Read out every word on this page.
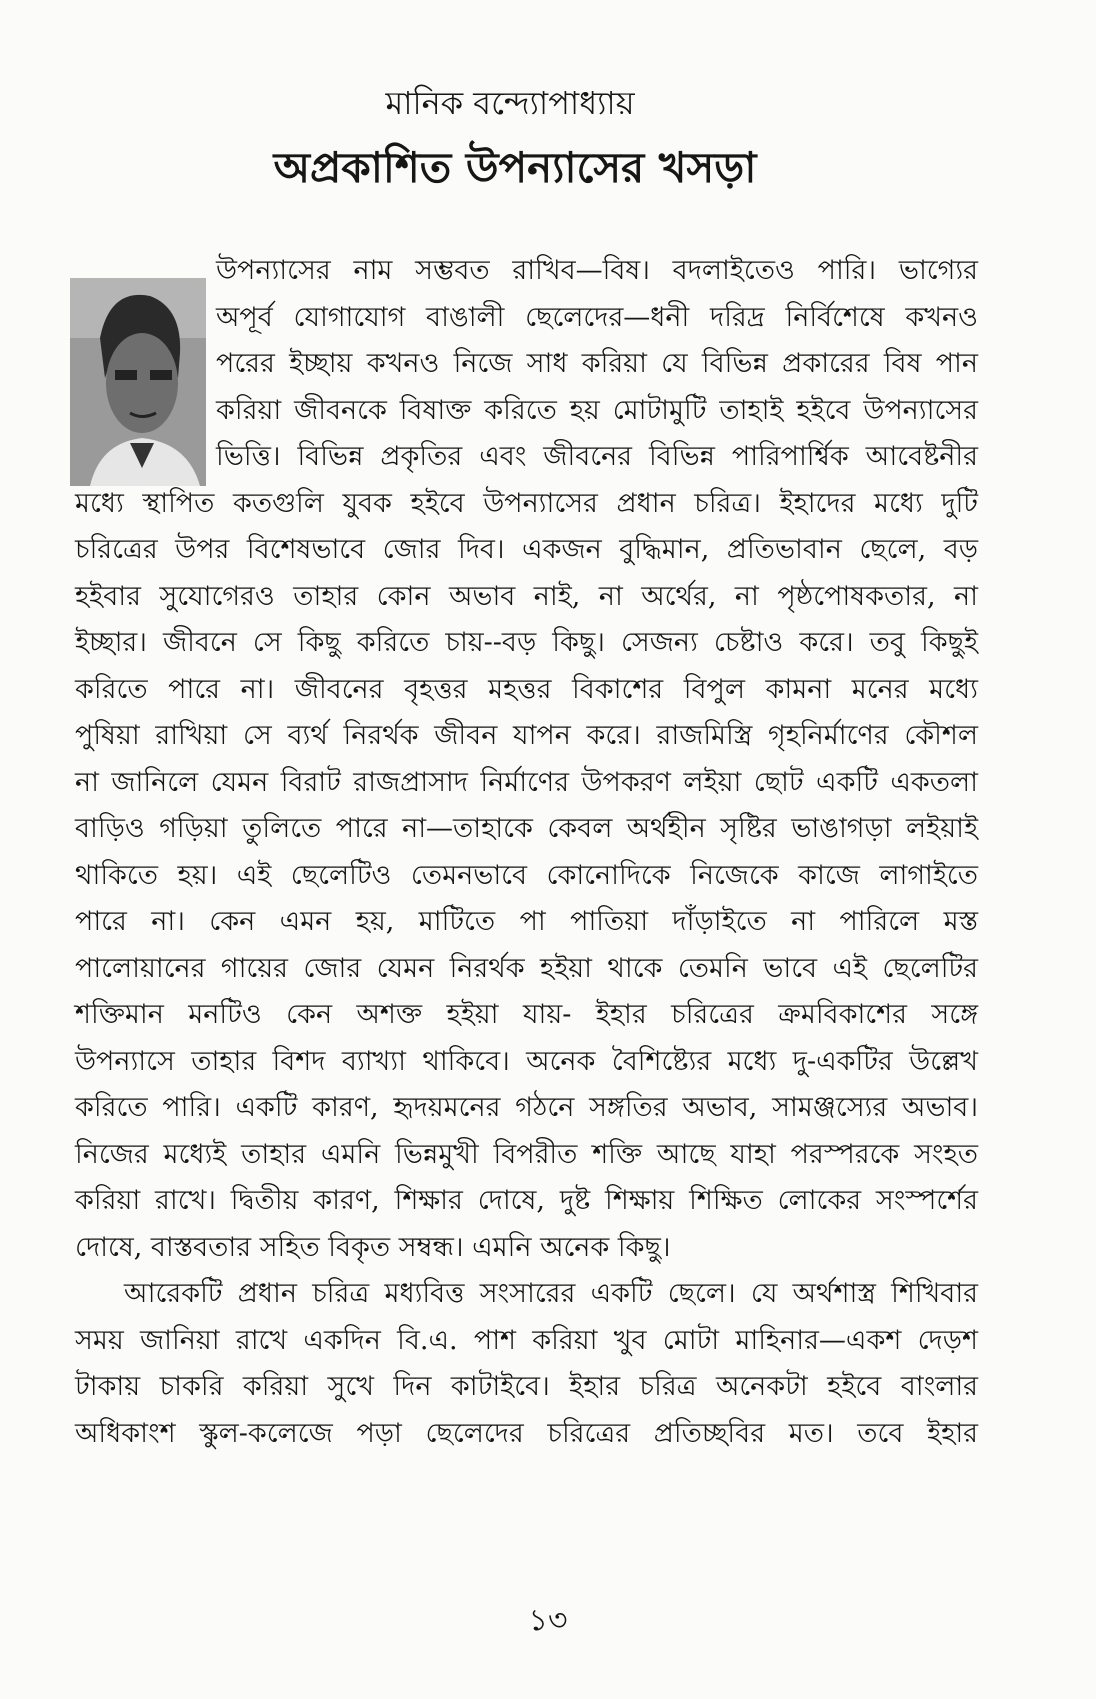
মানিক বন্দ্যোপাধ্যায়
অপ্রকাশিত উপন্যাসের খসড়া
উপন্যাসের নাম সম্ভবত রাখিব—বিষ। বদলাইতেও পারি। ভাগ্যের
অপূর্ব যোগাযোগ বাঙালী ছেলেদের—ধনী দরিদ্র নির্বিশেষে কখনও
পরের ইচ্ছায় কখনও নিজে সাধ করিয়া যে বিভিন্ন প্রকারের বিষ পান
করিয়া জীবনকে বিষাক্ত করিতে হয় মোটামুটি তাহাই হইবে উপন্যাসের
ভিত্তি। বিভিন্ন প্রকৃতির এবং জীবনের বিভিন্ন পারিপার্শ্বিক আবেষ্টনীর
মধ্যে স্থাপিত কতগুলি যুবক হইবে উপন্যাসের প্রধান চরিত্র। ইহাদের মধ্যে দুটি
চরিত্রের উপর বিশেষভাবে জোর দিব। একজন বুদ্ধিমান, প্রতিভাবান ছেলে, বড়
হইবার সুযোগেরও তাহার কোন অভাব নাই, না অর্থের, না পৃষ্ঠপোষকতার, না
ইচ্ছার। জীবনে সে কিছু করিতে চায়--বড় কিছু। সেজন্য চেষ্টাও করে। তবু কিছুই
করিতে পারে না। জীবনের বৃহত্তর মহত্তর বিকাশের বিপুল কামনা মনের মধ্যে
পুষিয়া রাখিয়া সে ব্যর্থ নিরর্থক জীবন যাপন করে। রাজমিস্ত্রি গৃহনির্মাণের কৌশল
না জানিলে যেমন বিরাট রাজপ্রাসাদ নির্মাণের উপকরণ লইয়া ছোট একটি একতলা
বাড়িও গড়িয়া তুলিতে পারে না—তাহাকে কেবল অর্থহীন সৃষ্টির ভাঙাগড়া লইয়াই
থাকিতে হয়। এই ছেলেটিও তেমনভাবে কোনোদিকে নিজেকে কাজে লাগাইতে
পারে না। কেন এমন হয়, মাটিতে পা পাতিয়া দাঁড়াইতে না পারিলে মস্ত
পালোয়ানের গায়ের জোর যেমন নিরর্থক হইয়া থাকে তেমনি ভাবে এই ছেলেটির
শক্তিমান মনটিও কেন অশক্ত হইয়া যায়- ইহার চরিত্রের ক্রমবিকাশের সঙ্গে
উপন্যাসে তাহার বিশদ ব্যাখ্যা থাকিবে। অনেক বৈশিষ্ট্যের মধ্যে দু-একটির উল্লেখ
করিতে পারি। একটি কারণ, হৃদয়মনের গঠনে সঙ্গতির অভাব, সামঞ্জস্যের অভাব।
নিজের মধ্যেই তাহার এমনি ভিন্নমুখী বিপরীত শক্তি আছে যাহা পরস্পরকে সংহত
করিয়া রাখে। দ্বিতীয় কারণ, শিক্ষার দোষে, দুষ্ট শিক্ষায় শিক্ষিত লোকের সংস্পর্শের
দোষে, বাস্তবতার সহিত বিকৃত সম্বন্ধ। এমনি অনেক কিছু।
আরেকটি প্রধান চরিত্র মধ্যবিত্ত সংসারের একটি ছেলে। যে অর্থশাস্ত্র শিখিবার
সময় জানিয়া রাখে একদিন বি.এ. পাশ করিয়া খুব মোটা মাহিনার—একশ দেড়শ
টাকায় চাকরি করিয়া সুখে দিন কাটাইবে। ইহার চরিত্র অনেকটা হইবে বাংলার
অধিকাংশ স্কুল-কলেজে পড়া ছেলেদের চরিত্রের প্রতিচ্ছবির মত। তবে ইহার
১৩
